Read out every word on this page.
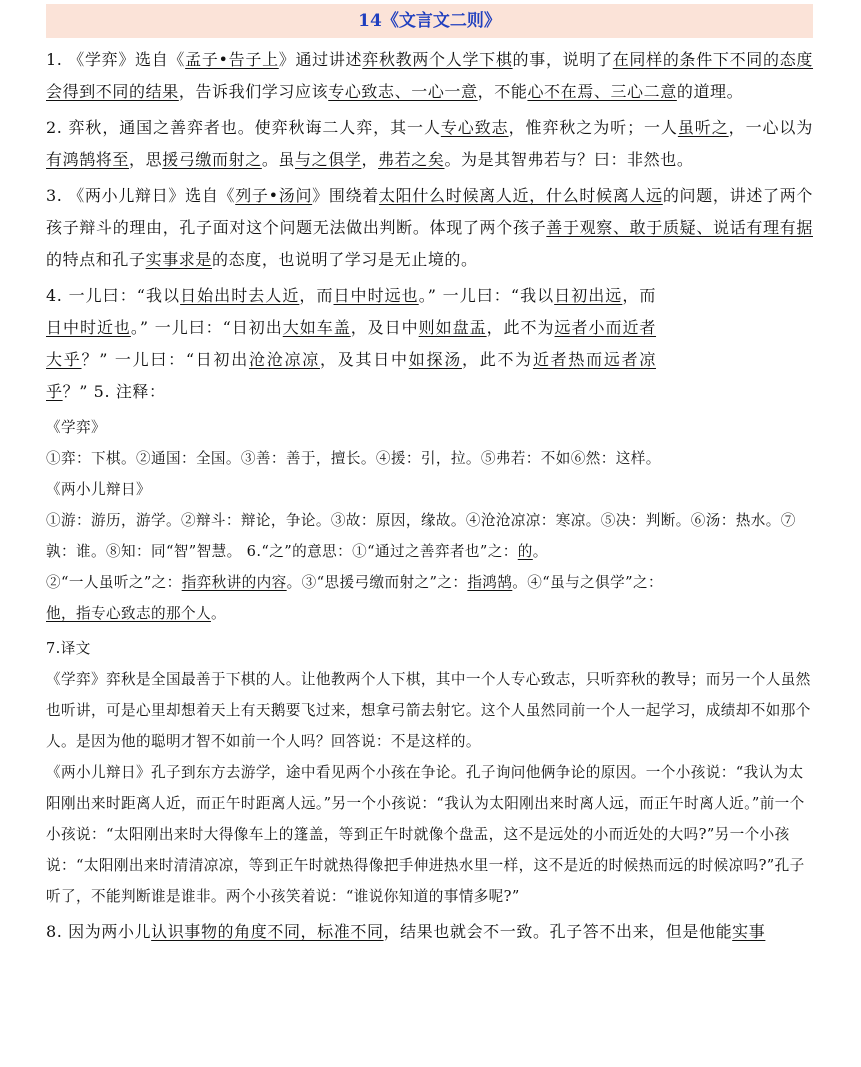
14《文言文二则》

1. 《学弈》选自《孟子•告子上》通过讲述弈秋教两个人学下棋的事，说明了在同样的条件下不同的态度会得到不同的结果，告诉我们学习应该专心致志、一心一意，不能心不在焉、三心二意的道理。

2. 弈秋，通国之善弈者也。使弈秋诲二人弈，其一人专心致志，惟弈秋之为听；一人虽听之，一心以为有鸿鹄将至，思援弓缴而射之。虽与之俱学，弗若之矣。为是其智弗若与？曰：非然也。

3. 《两小儿辩日》选自《列子•汤问》围绕着太阳什么时候离人近，什么时候离人远的问题，讲述了两个孩子辩斗的理由，孔子面对这个问题无法做出判断。体现了两个孩子善于观察、敢于质疑、说话有理有据的特点和孔子实事求是的态度，也说明了学习是无止境的。

4. 一儿曰：“我以日始出时去人近，而日中时远也。” 一儿曰：“我以日初出远，而日中时近也。” 一儿曰：“日初出大如车盖，及日中则如盘盂，此不为远者小而近者大乎？” 一儿曰：“日初出沧沧凉凉，及其日中如探汤，此不为近者热而远者凉乎？” 5. 注释：

《学弈》

①弈：下棋。②通国：全国。③善：善于，擅长。④援：引，拉。⑤弗若：不如⑥然：这样。

《两小儿辩日》

①游：游历，游学。②辩斗：辩论，争论。③故：原因，缘故。④沧沧凉凉：寒凉。⑤决：判断。⑥汤：热水。⑦孰：谁。⑧知：同“智”智慧。 6.“之”的意思：①“通过之善弈者也”之：的。
②“一人虽听之”之：指弈秋讲的内容。③“思援弓缴而射之”之：指鸿鹄。④“虽与之俱学”之：
他，指专心致志的那个人。

7.译文

《学弈》弈秋是全国最善于下棋的人。让他教两个人下棋，其中一个人专心致志，只听弈秋的教导；而另一个人虽然也听讲，可是心里却想着天上有天鹅要飞过来，想拿弓箭去射它。这个人虽然同前一个人一起学习，成绩却不如那个人。是因为他的聪明才智不如前一个人吗？回答说：不是这样的。

《两小儿辩日》孔子到东方去游学，途中看见两个小孩在争论。孔子询问他俩争论的原因。一个小孩说：“我认为太阳刚出来时距离人近，而正午时距离人远。”另一个小孩说：“我认为太阳刚出来时离人远，而正午时离人近。”前一个小孩说：“太阳刚出来时大得像车上的篷盖，等到正午时就像个盘盂，这不是远处的小而近处的大吗?”另一个小孩说：“太阳刚出来时清清凉凉，等到正午时就热得像把手伸进热水里一样，这不是近的时候热而远的时候凉吗?”孔子听了，不能判断谁是谁非。两个小孩笑着说：“谁说你知道的事情多呢?”

8. 因为两小儿认识事物的角度不同，标准不同，结果也就会不一致。孔子答不出来，但是他能实事
